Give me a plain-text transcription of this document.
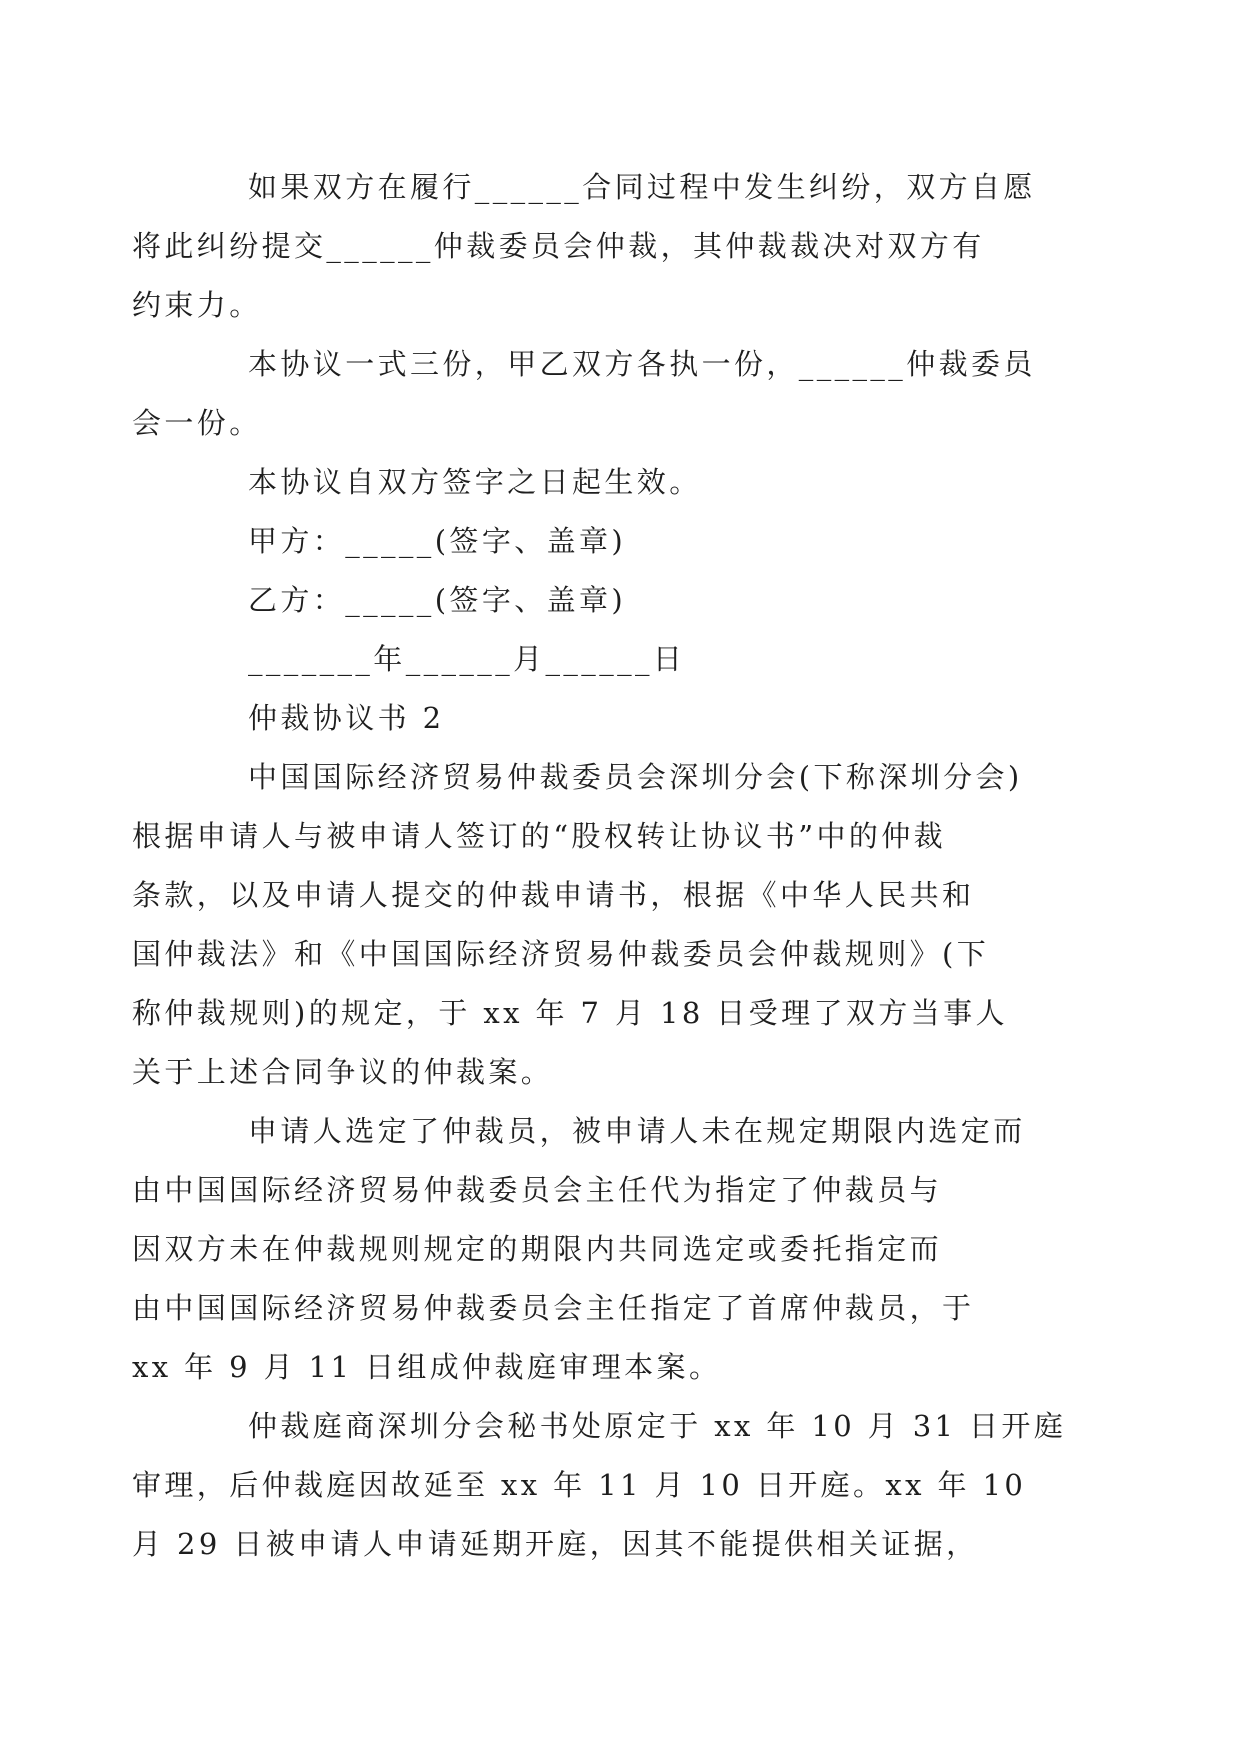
如果双方在履行______合同过程中发生纠纷，双方自愿
将此纠纷提交______仲裁委员会仲裁，其仲裁裁决对双方有
约束力。

本协议一式三份，甲乙双方各执一份，______仲裁委员
会一份。

本协议自双方签字之日起生效。

甲方：_____(签字、盖章)

乙方：_____(签字、盖章)

_______年______月______日

仲裁协议书 2

中国国际经济贸易仲裁委员会深圳分会(下称深圳分会)
根据申请人与被申请人签订的“股权转让协议书”中的仲裁
条款，以及申请人提交的仲裁申请书，根据《中华人民共和
国仲裁法》和《中国国际经济贸易仲裁委员会仲裁规则》(下
称仲裁规则)的规定，于 xx 年 7 月 18 日受理了双方当事人
关于上述合同争议的仲裁案。

申请人选定了仲裁员，被申请人未在规定期限内选定而
由中国国际经济贸易仲裁委员会主任代为指定了仲裁员与
因双方未在仲裁规则规定的期限内共同选定或委托指定而
由中国国际经济贸易仲裁委员会主任指定了首席仲裁员，于
xx 年 9 月 11 日组成仲裁庭审理本案。

仲裁庭商深圳分会秘书处原定于 xx 年 10 月 31 日开庭
审理，后仲裁庭因故延至 xx 年 11 月 10 日开庭。xx 年 10
月 29 日被申请人申请延期开庭，因其不能提供相关证据，
